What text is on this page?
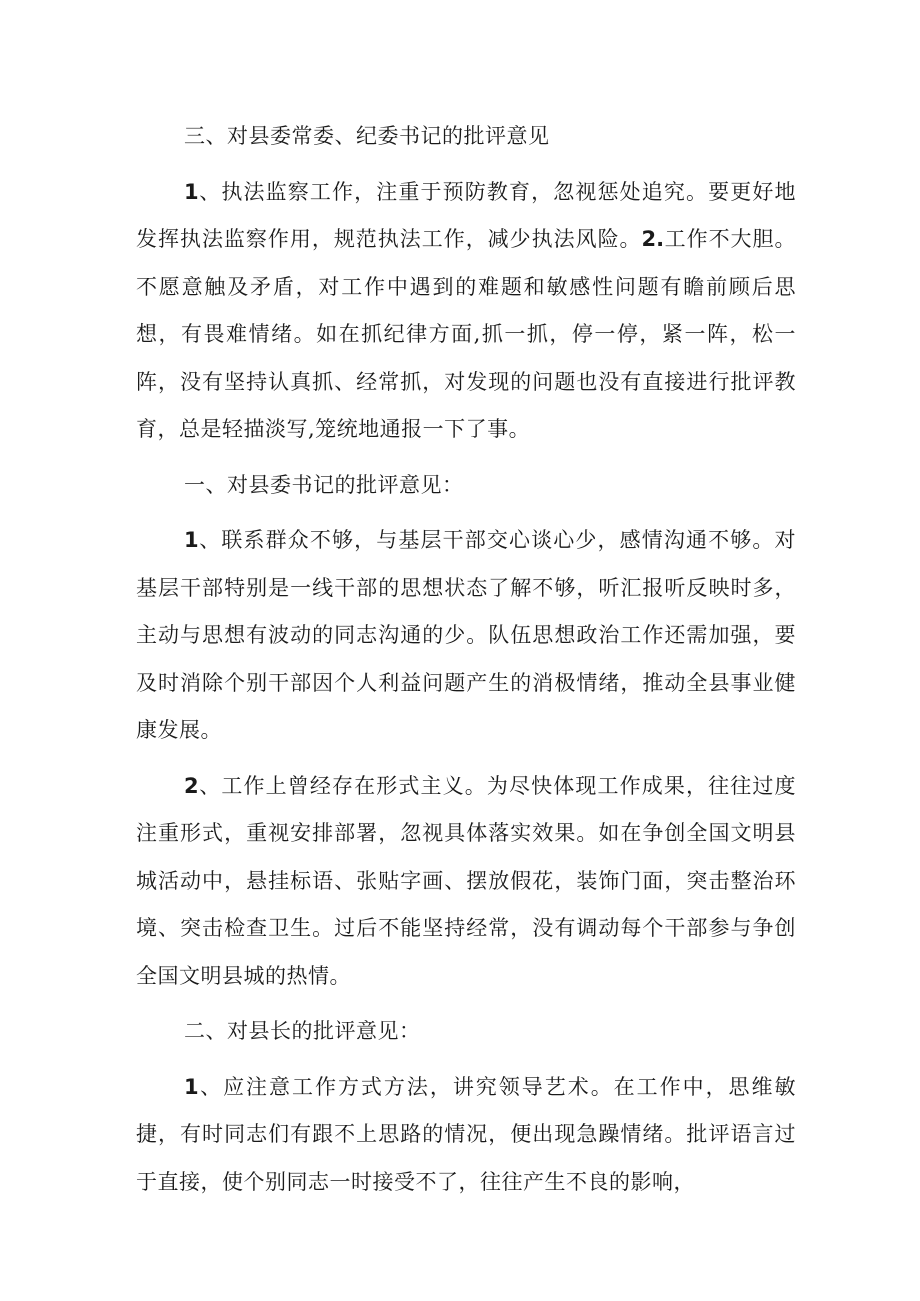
三、对县委常委、纪委书记的批评意见

1、执法监察工作，注重于预防教育，忽视惩处追究。要更好地发挥执法监察作用，规范执法工作，减少执法风险。2.工作不大胆。不愿意触及矛盾，对工作中遇到的难题和敏感性问题有瞻前顾后思想，有畏难情绪。如在抓纪律方面,抓一抓，停一停，紧一阵，松一阵，没有坚持认真抓、经常抓，对发现的问题也没有直接进行批评教育，总是轻描淡写,笼统地通报一下了事。

一、对县委书记的批评意见：

1、联系群众不够，与基层干部交心谈心少，感情沟通不够。对基层干部特别是一线干部的思想状态了解不够，听汇报听反映时多，主动与思想有波动的同志沟通的少。队伍思想政治工作还需加强，要及时消除个别干部因个人利益问题产生的消极情绪，推动全县事业健康发展。

2、工作上曾经存在形式主义。为尽快体现工作成果，往往过度注重形式，重视安排部署，忽视具体落实效果。如在争创全国文明县城活动中，悬挂标语、张贴字画、摆放假花，装饰门面，突击整治环境、突击检查卫生。过后不能坚持经常，没有调动每个干部参与争创全国文明县城的热情。

二、对县长的批评意见：

1、应注意工作方式方法，讲究领导艺术。在工作中，思维敏捷，有时同志们有跟不上思路的情况，便出现急躁情绪。批评语言过于直接，使个别同志一时接受不了，往往产生不良的影响，
